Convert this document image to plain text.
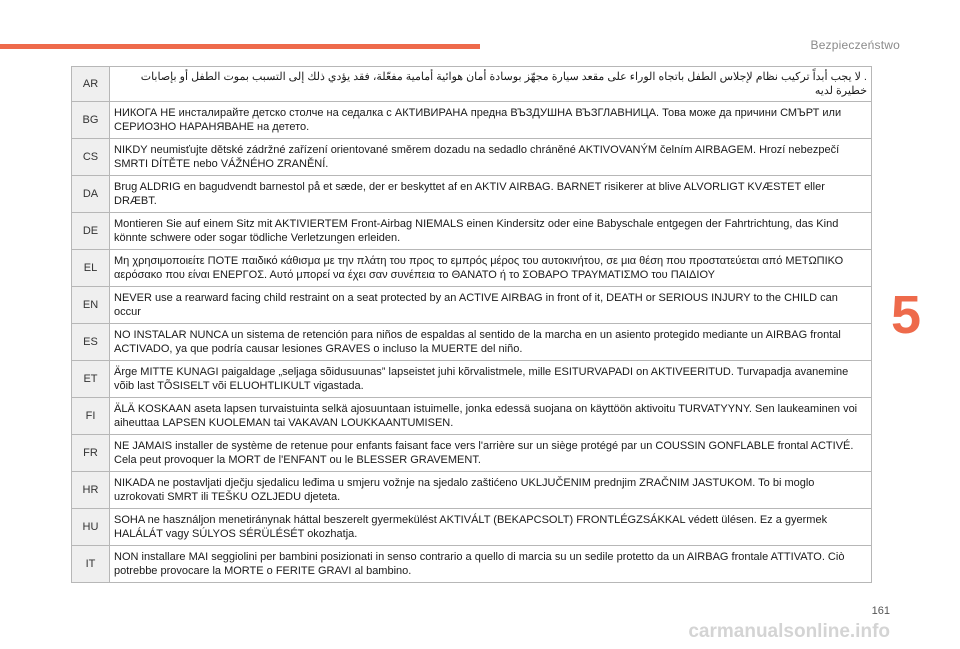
Bezpieczeństwo
5
AR	. لا يجب أبداً تركيب نظام لإجلاس الطفل باتجاه الوراء على مقعد سيارة مجهّز بوسادة أمان هوائية أمامية مفعّلة، فقد يؤدي ذلك إلى التسبب بموت الطفل أو بإصابات خطيرة لديه
BG	НИКОГА НЕ инсталирайте детско столче на седалка с АКТИВИРАНА предна ВЪЗДУШНА ВЪЗГЛАВНИЦА. Това може да причини СМЪРТ или СЕРИОЗНО НАРАНЯВАНЕ на детето.
CS	NIKDY neumisťujte dětské zádržné zařízení orientované směrem dozadu na sedadlo chráněné AKTIVOVANÝM čelním AIRBAGEM. Hrozí nebezpečí SMRTI DÍTĚTE nebo VÁŽNÉHO ZRANĚNÍ.
DA	Brug ALDRIG en bagudvendt barnestol på et sæde, der er beskyttet af en AKTIV AIRBAG. BARNET risikerer at blive ALVORLIGT KVÆSTET eller DRÆBT.
DE	Montieren Sie auf einem Sitz mit AKTIVIERTEM Front-Airbag NIEMALS einen Kindersitz oder eine Babyschale entgegen der Fahrtrichtung, das Kind könnte schwere oder sogar tödliche Verletzungen erleiden.
EL	Μη χρησιμοποιείτε ΠΟΤΕ παιδικό κάθισμα με την πλάτη του προς το εμπρός μέρος του αυτοκινήτου, σε μια θέση που προστατεύεται από ΜΕΤΩΠΙΚΟ αερόσακο που είναι ΕΝΕΡΓΟΣ. Αυτό μπορεί να έχει σαν συνέπεια το ΘΑΝΑΤΟ ή το ΣΟΒΑΡΟ ΤΡΑΥΜΑΤΙΣΜΟ του ΠΑΙΔΙΟΥ
EN	NEVER use a rearward facing child restraint on a seat protected by an ACTIVE AIRBAG in front of it, DEATH or SERIOUS INJURY to the CHILD can occur
ES	NO INSTALAR NUNCA un sistema de retención para niños de espaldas al sentido de la marcha en un asiento protegido mediante un AIRBAG frontal ACTIVADO, ya que podría causar lesiones GRAVES o incluso la MUERTE del niño.
ET	Ärge MITTE KUNAGI paigaldage „seljaga sõidusuunas” lapseistet juhi kõrvalistmele, mille ESITURVAPADI on AKTIVEERITUD. Turvapadja avanemine võib last TÕSISELT või ELUOHTLIKULT vigastada.
FI	ÄLÄ KOSKAAN aseta lapsen turvaistuinta selkä ajosuuntaan istuimelle, jonka edessä suojana on käyttöön aktivoitu TURVATYYNY. Sen laukeaminen voi aiheuttaa LAPSEN KUOLEMAN tai VAKAVAN LOUKKAANTUMISEN.
FR	NE JAMAIS installer de système de retenue pour enfants faisant face vers l'arrière sur un siège protégé par un COUSSIN GONFLABLE frontal ACTIVÉ. Cela peut provoquer la MORT de l'ENFANT ou le BLESSER GRAVEMENT.
HR	NIKADA ne postavljati dječju sjedalicu leđima u smjeru vožnje na sjedalo zaštićeno UKLJUČENIM prednjim ZRAČNIM JASTUKOM. To bi moglo uzrokovati SMRT ili TEŠKU OZLJEDU djeteta.
HU	SOHA ne használjon menetiránynak háttal beszerelt gyermekülést AKTIVÁLT (BEKAPCSOLT) FRONTLÉGZSÁKKAL védett ülésen. Ez a gyermek HALÁLÁT vagy SÚLYOS SÉRÜLÉSÉT okozhatja.
IT	NON installare MAI seggiolini per bambini posizionati in senso contrario a quello di marcia su un sedile protetto da un AIRBAG frontale ATTIVATO. Ciò potrebbe provocare la MORTE o FERITE GRAVI al bambino.
161
carmanualsonline.info
